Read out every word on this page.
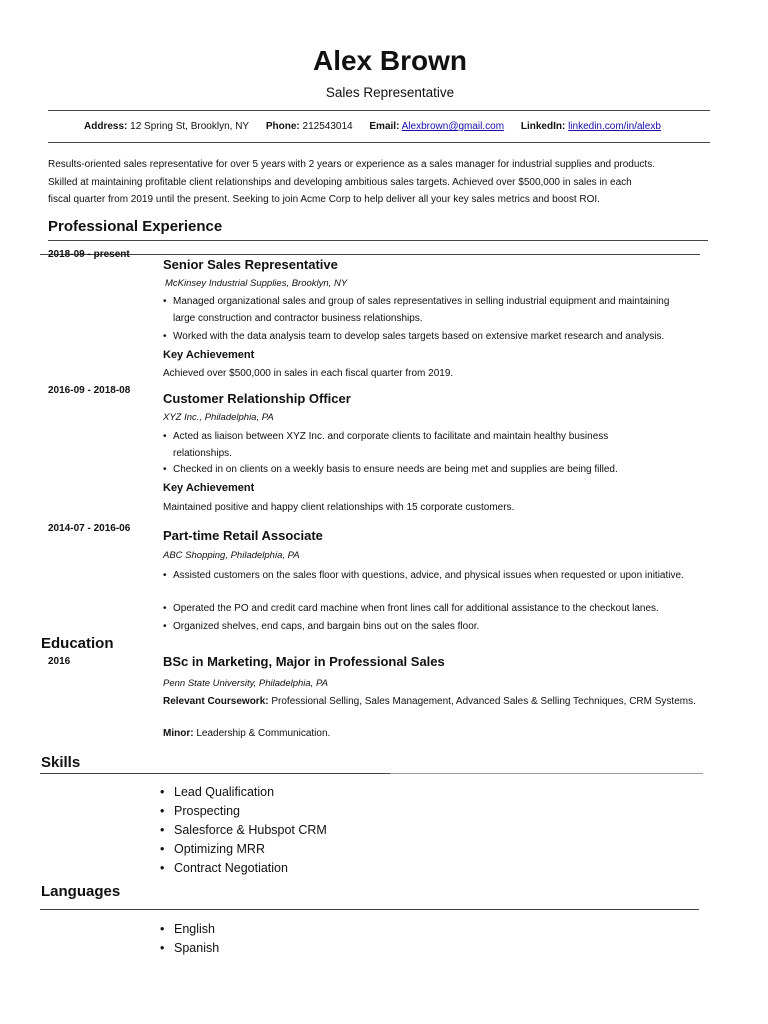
Alex Brown
Sales Representative
Address: 12 Spring St, Brooklyn, NY Phone: 212543014 Email: Alexbrown@gmail.com LinkedIn: linkedin.com/in/alexb
Results-oriented sales representative for over 5 years with 2 years or experience as a sales manager for industrial supplies and products.
Skilled at maintaining profitable client relationships and developing ambitious sales targets. Achieved over $500,000 in sales in each
fiscal quarter from 2019 until the present. Seeking to join Acme Corp to help deliver all your key sales metrics and boost ROI.
Professional Experience
2018-09 - present
Senior Sales Representative
McKinsey Industrial Supplies, Brooklyn, NY
• Managed organizational sales and group of sales representatives in selling industrial equipment and maintaining large construction and contractor business relationships.
• Worked with the data analysis team to develop sales targets based on extensive market research and analysis.
Key Achievement
Achieved over $500,000 in sales in each fiscal quarter from 2019.
2016-09 - 2018-08
Customer Relationship Officer
XYZ Inc., Philadelphia, PA
• Acted as liaison between XYZ Inc. and corporate clients to facilitate and maintain healthy business relationships.
• Checked in on clients on a weekly basis to ensure needs are being met and supplies are being filled.
Key Achievement
Maintained positive and happy client relationships with 15 corporate customers.
2014-07 - 2016-06	Part-time Retail Associate
ABC Shopping, Philadelphia, PA
• Assisted customers on the sales floor with questions, advice, and physical issues when requested or upon initiative.
• Operated the PO and credit card machine when front lines call for additional assistance to the checkout lanes.
• Organized shelves, end caps, and bargain bins out on the sales floor.
Education
2016	BSc in Marketing, Major in Professional Sales
Penn State University, Philadelphia, PA
Relevant Coursework: Professional Selling, Sales Management, Advanced Sales & Selling Techniques, CRM Systems.
Minor: Leadership & Communication.
Skills
• Lead Qualification
• Prospecting
• Salesforce & Hubspot CRM
• Optimizing MRR
• Contract Negotiation
Languages
• English
• Spanish
